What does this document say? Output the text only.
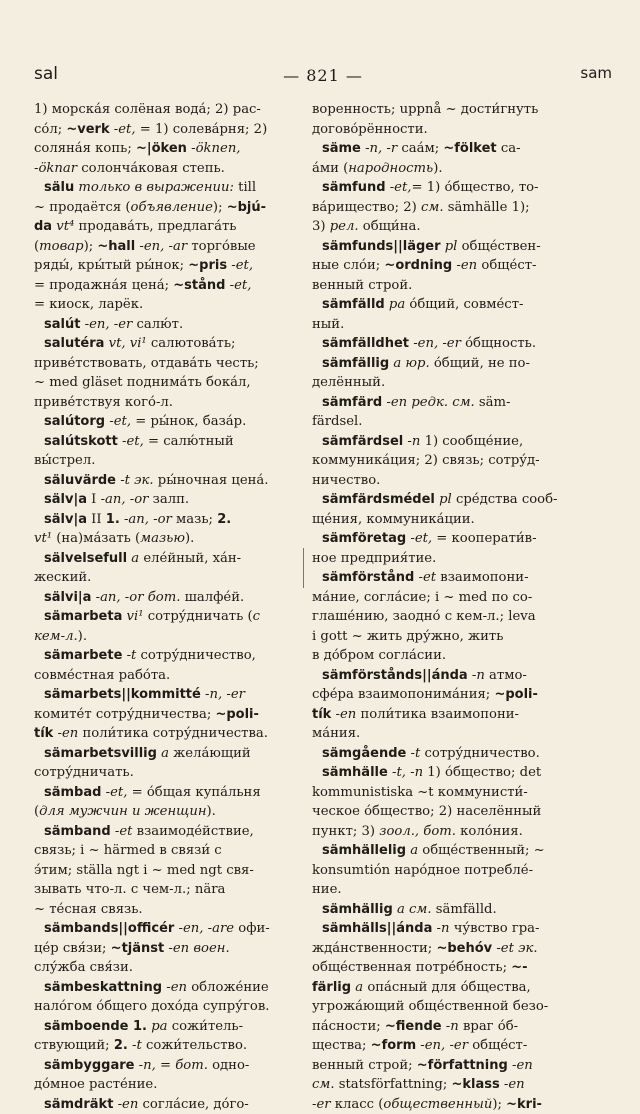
sal	— 821 —	sam
1) морска́я солёная вода́; 2) рас-
со́л; ~verk -et, = 1) солева́рня; 2)
соляна́я копь; ~|öken -öknen,
-öknar солонча́ковая степь.
sälu только в выражении: till
~ продаётся (объявление); ~bjú-
da vt⁴ продава́ть, предлага́ть
(товар); ~hall -en, -ar торго́вые
ряды́, кры́тый ры́нок; ~pris -et,
= продажна́я цена́; ~stånd -et,
= киоск, ларёк.
salút -en, -er салю́т.
salutéra vt, vi¹ салютова́ть;
приве́тствовать, отдава́ть честь;
~ med gläset поднима́ть бока́л,
приве́тствуя кого́-л.
salútorg -et, = ры́нок, база́р.
salútskott -et, = салю́тный
вы́стрел.
säluvärde -t эк. ры́ночная цена́.
sälv|a I -an, -or залп.
sälv|a II 1. -an, -or мазь; 2.
vt¹ (на)ма́зать (мазью).
sälvelsefull a еле́йный, ха́н-
жеский.
sälvi|a -an, -or бот. шалфе́й.
sämarbeta vi¹ сотру́дничать (с
кем-л.).
sämarbete -t сотру́дничество,
совме́стная рабо́та.
sämarbets||kommitté -n, -er
комите́т сотру́дничества; ~poli-
tík -en поли́тика сотру́дничества.
sämarbetsvillig a жела́ющий
сотру́дничать.
sämbad -et, = о́бщая купа́льня
(для мужчин и женщин).
sämband -et взаимоде́йствие,
связь; i ~ härmed в связи́ с
э́тим; ställa ngt i ~ med ngt свя-
зывать что-л. с чем-л.; nära
~ те́сная связь.
sämbands||officér -en, -are офи-
це́р свя́зи; ~tjänst -en воен.
слу́жба свя́зи.
sämbeskattning -en обложе́ние
нало́гом о́бщего дохо́да супру́гов.
sämboende 1. pa сожи́тель-
ствующий; 2. -t сожи́тельство.
sämbyggare -n, = бот. одно-
до́мное расте́ние.
sämdräkt -en согла́сие, до́го-
воренность; uppnå ~ дости́гнуть
догово́рённости.
säme -n, -r саа́м; ~fölket са-
а́ми (народность).
sämfund -et,= 1) о́бщество, то-
ва́рищество; 2) см. sämhälle 1);
3) рел. общи́на.
sämfunds||läger pl обще́ствен-
ные сло́и; ~ordning -en обще́ст-
венный строй.
sämfälld pa о́бщий, совме́ст-
ный.
sämfälldhet -en, -er о́бщность.
sämfällig a юр. о́бщий, не по-
делённый.
sämfärd -en редк. см. säm-
färdsel.
sämfärdsel -n 1) сообще́ние,
коммуника́ция; 2) связь; сотру́д-
ничество.
sämfärdsmédel pl сре́дства сооб-
ще́ния, коммуника́ции.
sämföretag -et, = кооперати́в-
ное предприя́тие.
sämförstånd -et взаимопони-
ма́ние, согла́сие; i ~ med по со-
глаше́нию, заодно́ с кем-л.; leva
i gott ~ жить дру́жно, жить
в до́бром согла́сии.
sämförstånds||ánda -n атмо-
сфе́ра взаимопонима́ния; ~poli-
tík -en поли́тика взаимопони-
ма́ния.
sämgående -t сотру́дничество.
sämhälle -t, -n 1) о́бщество; det
kommunistiska ~t коммунисти́-
ческое о́бщество; 2) населённый
пункт; 3) зоол., бот. коло́ния.
sämhällelig a обще́ственный; ~
konsumtión наро́дное потребле́-
ние.
sämhällig a см. sämfälld.
sämhälls||ánda -n чу́вство гра-
жда́нственности; ~behóv -et эк.
обще́ственная потре́бность; ~-
färlig a опа́сный для о́бщества,
угрожа́ющий обще́ственной безо-
па́сности; ~fiende -n враг о́б-
щества; ~form -en, -er обще́ст-
венный строй; ~författning -en
см. statsförfattning; ~klass -en
-er класс (общественный); ~kri-
